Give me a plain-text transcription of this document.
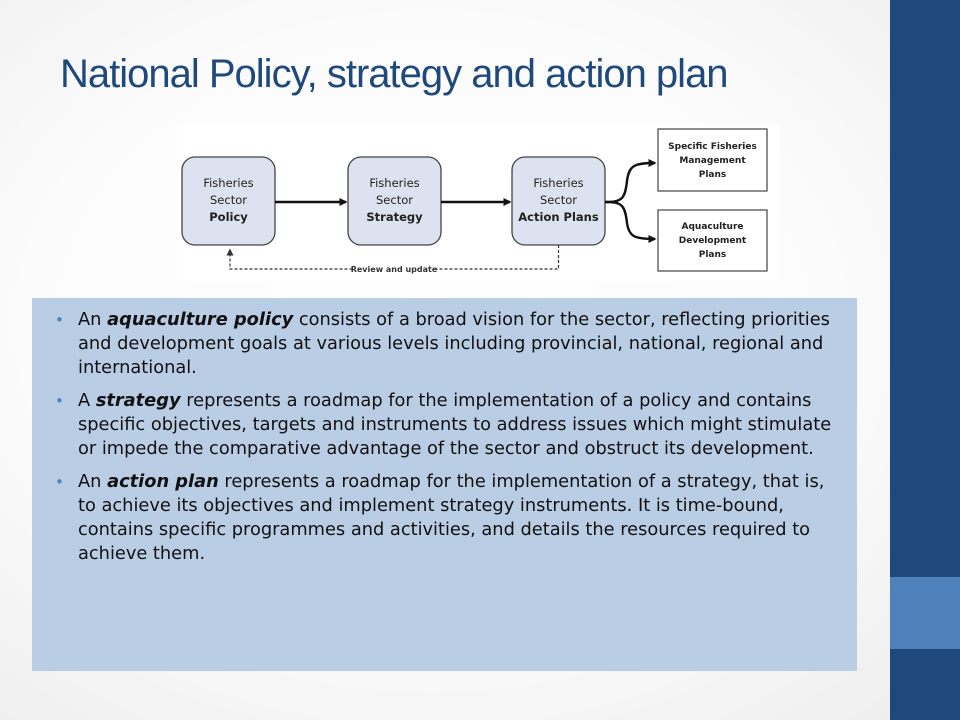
National Policy, strategy and action plan
Fisheries
Sector
Policy
Fisheries
Sector
Strategy
Fisheries
Sector
Action Plans
Specific Fisheries
Management
Plans
Aquaculture
Development
Plans
Review and update
• An aquaculture policy consists of a broad vision for the sector, reflecting priorities and development goals at various levels including provincial, national, regional and international.
• A strategy represents a roadmap for the implementation of a policy and contains specific objectives, targets and instruments to address issues which might stimulate or impede the comparative advantage of the sector and obstruct its development.
• An action plan represents a roadmap for the implementation of a strategy, that is, to achieve its objectives and implement strategy instruments. It is time-bound, contains specific programmes and activities, and details the resources required to achieve them.
